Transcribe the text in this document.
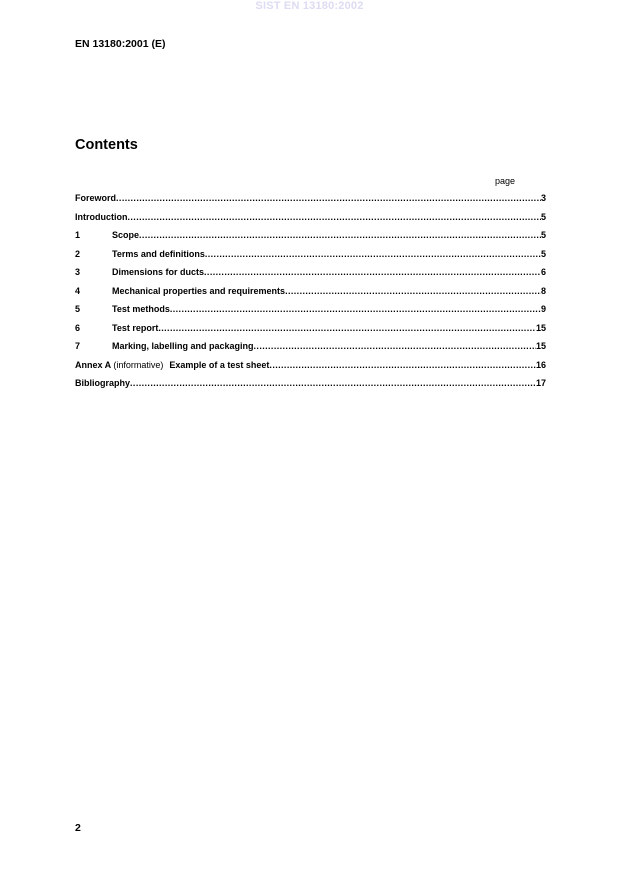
SIST EN 13180:2002
EN 13180:2001 (E)
Contents
page
Foreword .....	3
Introduction .....	5
1	Scope .....	5
2	Terms and definitions .....	5
3	Dimensions for ducts .....	6
4	Mechanical properties and requirements .....	8
5	Test methods .....	9
6	Test report .....	15
7	Marking, labelling and packaging .....	15
Annex A (informative) Example of a test sheet .....	16
Bibliography .....	17
2
